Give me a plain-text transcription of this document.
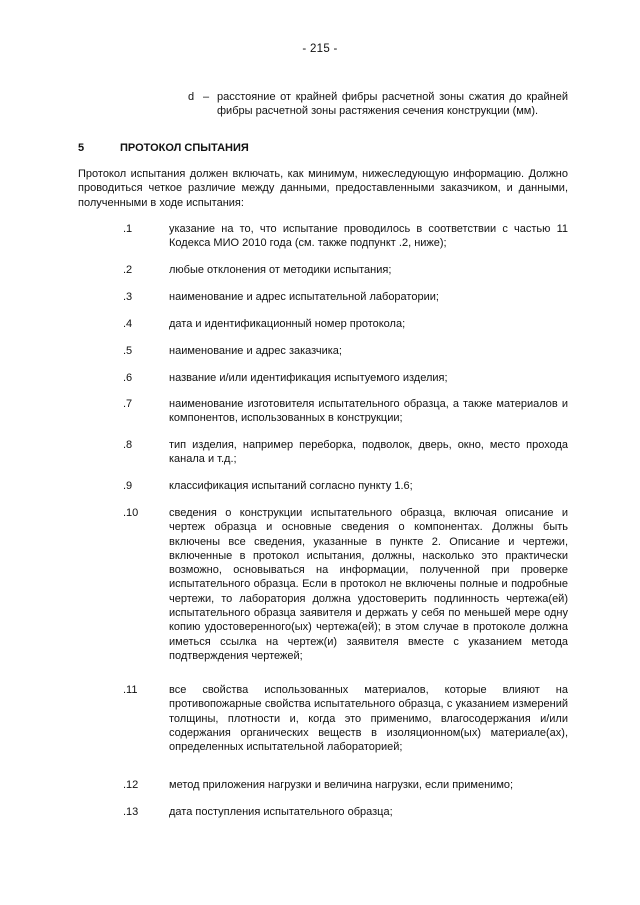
- 215 -
d – расстояние от крайней фибры расчетной зоны сжатия до крайней фибры расчетной зоны растяжения сечения конструкции (мм).
5	ПРОТОКОЛ СПЫТАНИЯ
Протокол испытания должен включать, как минимум, нижеследующую информацию. Должно проводиться четкое различие между данными, предоставленными заказчиком, и данными, полученными в ходе испытания:
.1	указание на то, что испытание проводилось в соответствии с частью 11 Кодекса МИО 2010 года (см. также подпункт .2, ниже);
.2	любые отклонения от методики испытания;
.3	наименование и адрес испытательной лаборатории;
.4	дата и идентификационный номер протокола;
.5	наименование и адрес заказчика;
.6	название и/или идентификация испытуемого изделия;
.7	наименование изготовителя испытательного образца, а также материалов и компонентов, использованных в конструкции;
.8	тип изделия, например переборка, подволок, дверь, окно, место прохода канала и т.д.;
.9	классификация испытаний согласно пункту 1.6;
.10	сведения о конструкции испытательного образца, включая описание и чертеж образца и основные сведения о компонентах. Должны быть включены все сведения, указанные в пункте 2. Описание и чертежи, включенные в протокол испытания, должны, насколько это практически возможно, основываться на информации, полученной при проверке испытательного образца. Если в протокол не включены полные и подробные чертежи, то лаборатория должна удостоверить подлинность чертежа(ей) испытательного образца заявителя и держать у себя по меньшей мере одну копию удостоверенного(ых) чертежа(ей); в этом случае в протоколе должна иметься ссылка на чертеж(и) заявителя вместе с указанием метода подтверждения чертежей;
.11	все свойства использованных материалов, которые влияют на противопожарные свойства испытательного образца, с указанием измерений толщины, плотности и, когда это применимо, влагосодержания и/или содержания органических веществ в изоляционном(ых) материале(ах), определенных испытательной лабораторией;
.12	метод приложения нагрузки и величина нагрузки, если применимо;
.13	дата поступления испытательного образца;
